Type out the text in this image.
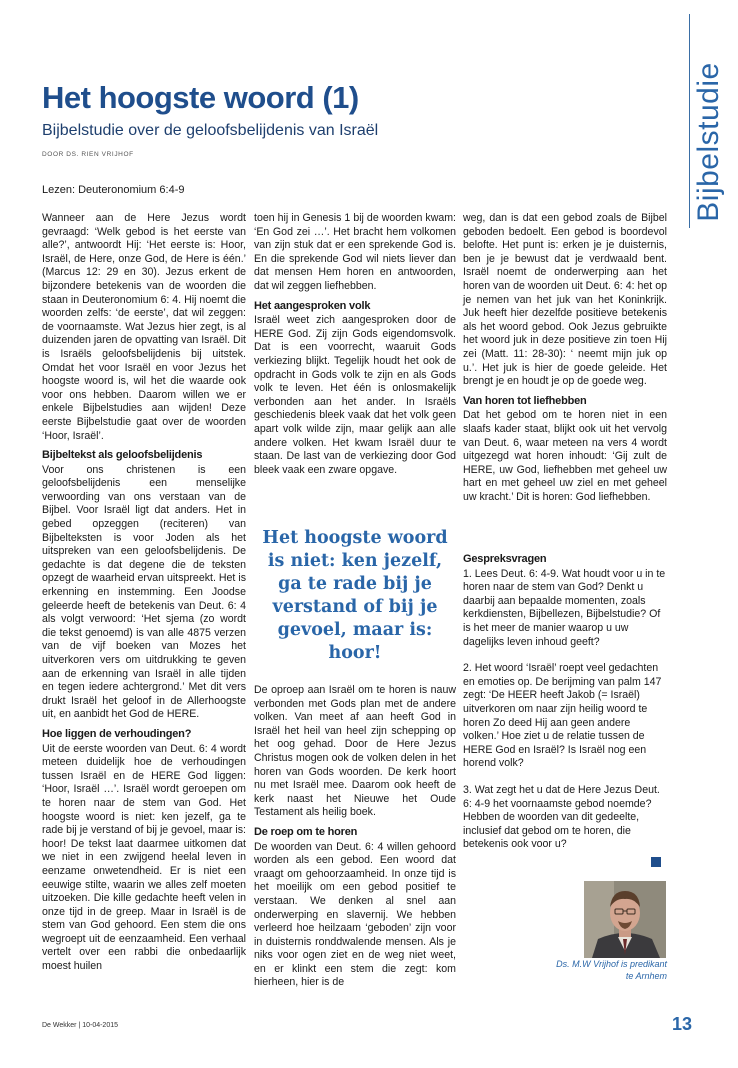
Bijbelstudie
Het hoogste woord (1)
Bijbelstudie over de geloofsbelijdenis van Israël
DOOR DS. RIEN VRIJHOF
Lezen: Deuteronomium 6:4-9

Wanneer aan de Here Jezus wordt gevraagd: ‘Welk gebod is het eerste van alle?’, antwoordt Hij: ‘Het eerste is: Hoor, Israël, de Here, onze God, de Here is één.’ (Marcus 12: 29 en 30). Jezus erkent de bijzondere betekenis van de woorden die staan in Deuteronomium 6: 4. Hij noemt die woorden zelfs: ‘de eerste’, dat wil zeggen: de voornaamste. Wat Jezus hier zegt, is al duizenden jaren de opvatting van Israël. Dit is Israëls geloofsbelijdenis bij uitstek. Omdat het voor Israël en voor Jezus het hoogste woord is, wil het die waarde ook voor ons hebben. Daarom willen we er enkele Bijbelstudies aan wijden! Deze eerste Bijbelstudie gaat over de woorden ‘Hoor, Israël’.

Bijbeltekst als geloofsbelijdenis

Voor ons christenen is een geloofsbelijdenis een menselijke verwoording van ons verstaan van de Bijbel. Voor Israël ligt dat anders. Het in gebed opzeggen (reciteren) van Bijbelteksten is voor Joden als het uitspreken van een geloofsbelijdenis. De gedachte is dat degene die de teksten opzegt de waarheid ervan uitspreekt. Het is erkenning en instemming. Een Joodse geleerde heeft de betekenis van Deut. 6: 4 als volgt verwoord: ‘Het sjema (zo wordt die tekst genoemd) is van alle 4875 verzen van de vijf boeken van Mozes het uitverkoren vers om uitdrukking te geven aan de erkenning van Israël in alle tijden en tegen iedere achtergrond.’ Met dit vers drukt Israël het geloof in de Allerhoogste uit, en aanbidt het God de HERE.

Hoe liggen de verhoudingen?

Uit de eerste woorden van Deut. 6: 4 wordt meteen duidelijk hoe de verhoudingen tussen Israël en de HERE God liggen: ‘Hoor, Israël …’. Israël wordt geroepen om te horen naar de stem van God. Het hoogste woord is niet: ken jezelf, ga te rade bij je verstand of bij je gevoel, maar is: hoor! De tekst laat daarmee uitkomen dat we niet in een zwijgend heelal leven in eenzame onwetendheid. Er is niet een eeuwige stilte, waarin we alles zelf moeten uitzoeken. Die kille gedachte heeft velen in onze tijd in de greep. Maar in Israël is de stem van God gehoord. Een stem die ons wegroept uit de eenzaamheid. Een verhaal vertelt over een rabbi die onbedaarlijk moest huilen

toen hij in Genesis 1 bij de woorden kwam: ‘En God zei …’. Het bracht hem volkomen van zijn stuk dat er een sprekende God is. En die sprekende God wil niets liever dan dat mensen Hem horen en antwoorden, dat wil zeggen liefhebben.

Het aangesproken volk

Israël weet zich aangesproken door de HERE God. Zij zijn Gods eigendomsvolk. Dat is een voorrecht, waaruit Gods verkiezing blijkt. Tegelijk houdt het ook de opdracht in Gods volk te zijn en als Gods volk te leven. Het één is onlosmakelijk verbonden aan het ander. In Israëls geschiedenis bleek vaak dat het volk geen apart volk wilde zijn, maar gelijk aan alle andere volken. Het kwam Israël duur te staan. De last van de verkiezing door God bleek vaak een zware opgave.

Het hoogste woord is niet: ken jezelf, ga te rade bij je verstand of bij je gevoel, maar is: hoor!

De oproep aan Israël om te horen is nauw verbonden met Gods plan met de andere volken. Van meet af aan heeft God in Israël het heil van heel zijn schepping op het oog gehad. Door de Here Jezus Christus mogen ook de volken delen in het horen van Gods woorden. De kerk hoort nu met Israël mee. Daarom ook heeft de kerk naast het Nieuwe het Oude Testament als heilig boek.

De roep om te horen

De woorden van Deut. 6: 4 willen gehoord worden als een gebod. Een woord dat vraagt om gehoorzaamheid. In onze tijd is het moeilijk om een gebod positief te verstaan. We denken al snel aan onderwerping en slavernij. We hebben verleerd hoe heilzaam ‘geboden’ zijn voor in duisternis ronddwalende mensen. Als je niks voor ogen ziet en de weg niet weet, en er klinkt een stem die zegt: kom hierheen, hier is de

weg, dan is dat een gebod zoals de Bijbel geboden bedoelt. Een gebod is boordevol belofte. Het punt is: erken je je duisternis, ben je je bewust dat je verdwaald bent. Israël noemt de onderwerping aan het horen van de woorden uit Deut. 6: 4: het op je nemen van het juk van het Koninkrijk. Juk heeft hier dezelfde positieve betekenis als het woord gebod. Ook Jezus gebruikte het woord juk in deze positieve zin toen Hij zei (Matt. 11: 28-30): ‘ neemt mijn juk op u.’. Het juk is hier de goede geleide. Het brengt je en houdt je op de goede weg.

Van horen tot liefhebben

Dat het gebod om te horen niet in een slaafs kader staat, blijkt ook uit het vervolg van Deut. 6, waar meteen na vers 4 wordt uitgezegd wat horen inhoudt: ‘Gij zult de HERE, uw God, liefhebben met geheel uw hart en met geheel uw ziel en met geheel uw kracht.’ Dit is horen: God liefhebben.

Gespreksvragen
1. Lees Deut. 6: 4-9. Wat houdt voor u in te horen naar de stem van God? Denkt u daarbij aan bepaalde momenten, zoals kerkdiensten, Bijbellezen, Bijbelstudie? Of is het meer de manier waarop u uw dagelijks leven inhoud geeft?
2. Het woord ‘Israël’ roept veel gedachten en emoties op. De berijming van palm 147 zegt: ‘De HEER heeft Jakob (= Israël) uitverkoren om naar zijn heilig woord te horen Zo deed Hij aan geen andere volken.’ Hoe ziet u de relatie tussen de HERE God en Israël? Is Israël nog een horend volk?
3. Wat zegt het u dat de Here Jezus Deut. 6: 4-9 het voornaamste gebod noemde? Hebben de woorden van dit gedeelte, inclusief dat gebod om te horen, die betekenis ook voor u?
Ds. M.W Vrijhof is predikant
te Arnhem
De Wekker | 10-04-2015	13
